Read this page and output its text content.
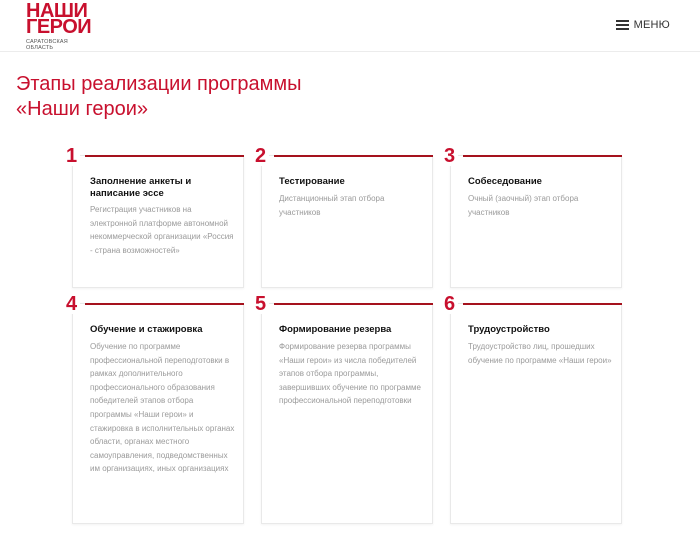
НАШИ
ГЕРОИ
САРАТОВСКАЯ
ОБЛАСТЬ
МЕНЮ
Этапы реализации программы
«Наши герои»
1
Заполнение анкеты и написание эссе
Регистрация участников на электронной платформе автономной некоммерческой организации «Россия - страна возможностей»
2
Тестирование
Дистанционный этап отбора участников
3
Собеседование
Очный (заочный) этап отбора участников
4
Обучение и стажировка
Обучение по программе профессиональной переподготовки в рамках дополнительного профессионального образования победителей этапов отбора программы «Наши герои» и стажировка в исполнительных органах области, органах местного самоуправления, подведомственных им организациях, иных организациях
5
Формирование резерва
Формирование резерва программы «Наши герои» из числа победителей этапов отбора программы, завершивших обучение по программе профессиональной переподготовки
6
Трудоустройство
Трудоустройство лиц, прошедших обучение по программе «Наши герои»
